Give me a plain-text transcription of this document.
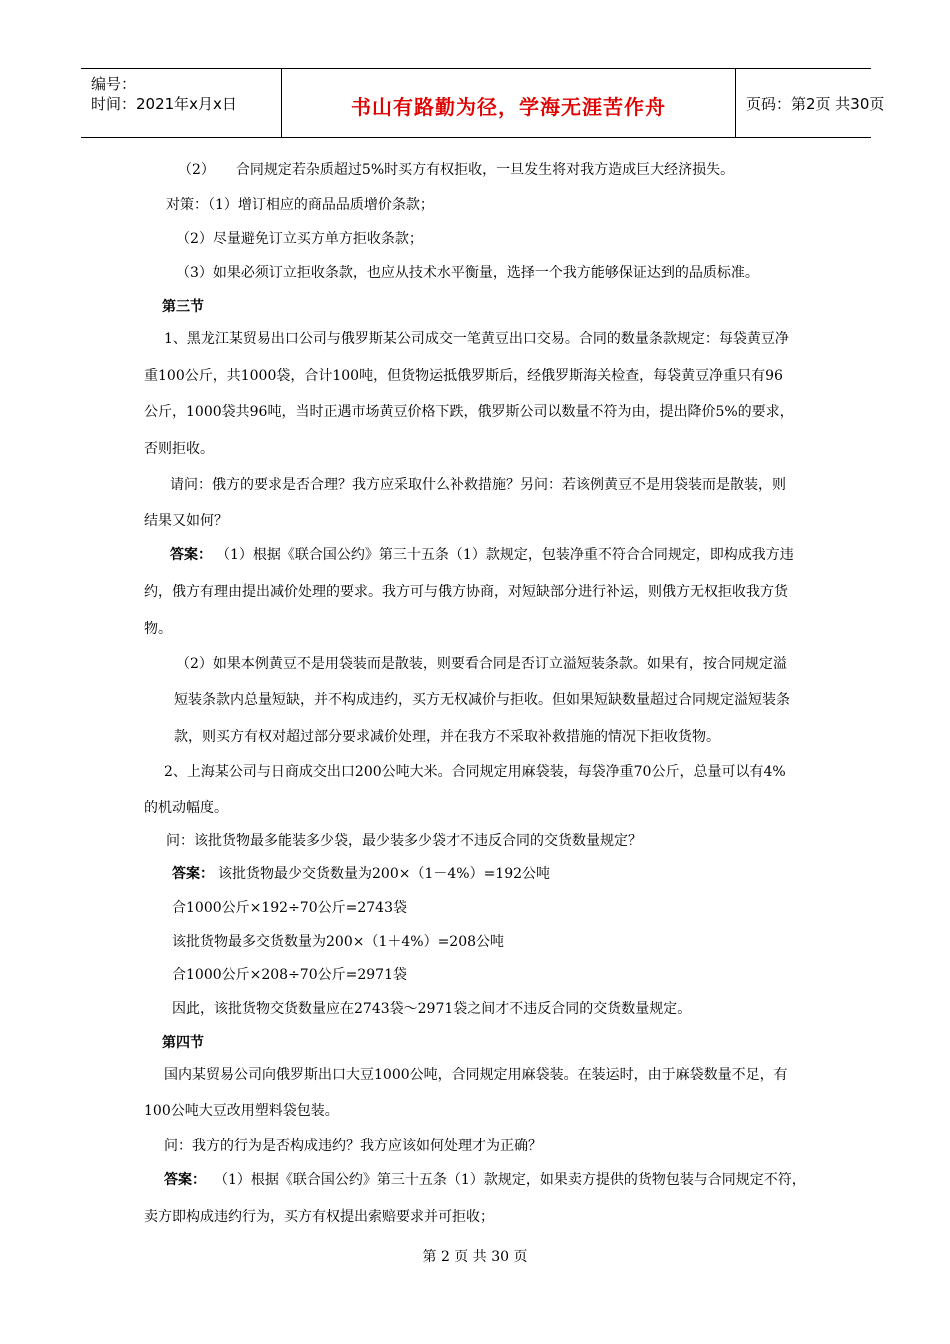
编号：
时间：2021年x月x日	书山有路勤为径，学海无涯苦作舟	页码：第2页 共30页
（2）　　合同规定若杂质超过5%时买方有权拒收，一旦发生将对我方造成巨大经济损失。
对策：（1）增订相应的商品品质增价条款；
（2）尽量避免订立买方单方拒收条款；
（3）如果必须订立拒收条款，也应从技术水平衡量，选择一个我方能够保证达到的品质标准。
第三节
1、黑龙江某贸易出口公司与俄罗斯某公司成交一笔黄豆出口交易。合同的数量条款规定：每袋黄豆净
重100公斤，共1000袋，合计100吨，但货物运抵俄罗斯后，经俄罗斯海关检查，每袋黄豆净重只有96
公斤，1000袋共96吨，当时正遇市场黄豆价格下跌，俄罗斯公司以数量不符为由，提出降价5%的要求，
否则拒收。
请问：俄方的要求是否合理？我方应采取什么补救措施？另问：若该例黄豆不是用袋装而是散装，则
结果又如何？
答案： （1）根据《联合国公约》第三十五条（1）款规定，包装净重不符合合同规定，即构成我方违
约，俄方有理由提出减价处理的要求。我方可与俄方协商，对短缺部分进行补运，则俄方无权拒收我方货
物。
（2）如果本例黄豆不是用袋装而是散装，则要看合同是否订立溢短装条款。如果有，按合同规定溢
短装条款内总量短缺，并不构成违约，买方无权减价与拒收。但如果短缺数量超过合同规定溢短装条
款，则买方有权对超过部分要求减价处理，并在我方不采取补救措施的情况下拒收货物。
2、上海某公司与日商成交出口200公吨大米。合同规定用麻袋装，每袋净重70公斤，总量可以有4%
的机动幅度。
问：该批货物最多能装多少袋，最少装多少袋才不违反合同的交货数量规定？
答案： 该批货物最少交货数量为200×（1－4%）=192公吨
合1000公斤×192÷70公斤=2743袋
该批货物最多交货数量为200×（1＋4%）=208公吨
合1000公斤×208÷70公斤=2971袋
因此，该批货物交货数量应在2743袋～2971袋之间才不违反合同的交货数量规定。
第四节
国内某贸易公司向俄罗斯出口大豆1000公吨，合同规定用麻袋装。在装运时，由于麻袋数量不足，有
100公吨大豆改用塑料袋包装。
问：我方的行为是否构成违约？我方应该如何处理才为正确？
答案： （1）根据《联合国公约》第三十五条（1）款规定，如果卖方提供的货物包装与合同规定不符，
卖方即构成违约行为，买方有权提出索赔要求并可拒收；
第 2 页 共 30 页
